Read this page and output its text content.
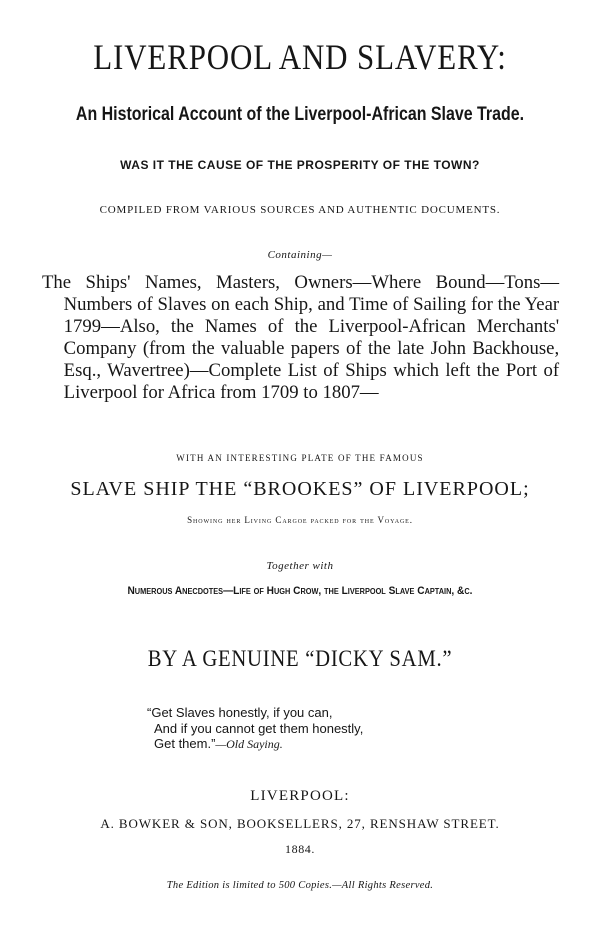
LIVERPOOL AND SLAVERY:

An Historical Account of the Liverpool-African Slave Trade.

WAS IT THE CAUSE OF THE PROSPERITY OF THE TOWN?

COMPILED FROM VARIOUS SOURCES AND AUTHENTIC DOCUMENTS.

Containing—

The Ships' Names, Masters, Owners—Where Bound—Tons—Numbers of Slaves on each Ship, and Time of Sailing for the Year 1799—Also, the Names of the Liverpool-African Merchants' Company (from the valuable papers of the late John Backhouse, Esq., Wavertree)—Complete List of Ships which left the Port of Liverpool for Africa from 1709 to 1807—

WITH AN INTERESTING PLATE OF THE FAMOUS

SLAVE SHIP THE “BROOKES” OF LIVERPOOL;

Showing her Living Cargoe packed for the Voyage.

Together with

Numerous Anecdotes—Life of Hugh Crow, the Liverpool Slave Captain, &c.

BY A GENUINE “DICKY SAM.”

“Get Slaves honestly, if you can,
And if you cannot get them honestly,
Get them.”—Old Saying.

LIVERPOOL:

A. BOWKER & SON, BOOKSELLERS, 27, RENSHAW STREET.

1884.

The Edition is limited to 500 Copies.—All Rights Reserved.
